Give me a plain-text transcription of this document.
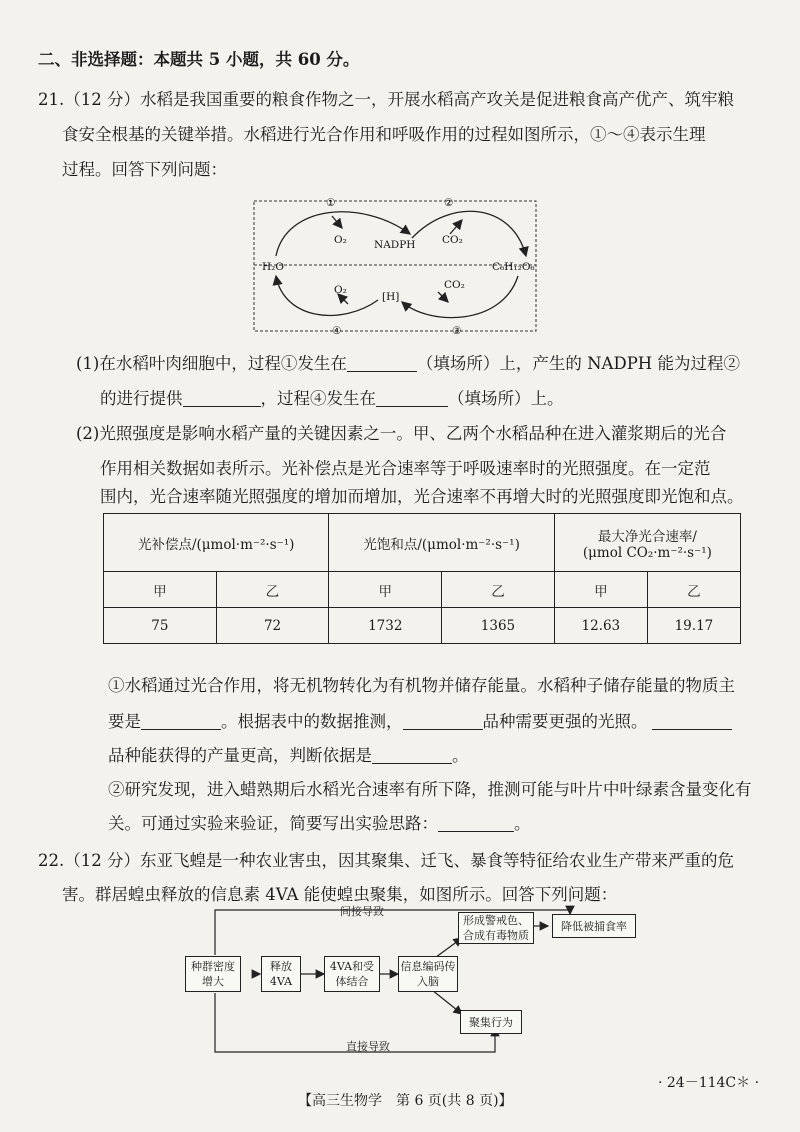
二、非选择题：本题共 5 小题，共 60 分。
21.（12 分）水稻是我国重要的粮食作物之一，开展水稻高产攻关是促进粮食高产优产、筑牢粮
食安全根基的关键举措。水稻进行光合作用和呼吸作用的过程如图所示，①～④表示生理
过程。回答下列问题：
①	②
③
④
O₂	NADPH	CO₂
H₂O	C₆H₁₂O₆
O₂
[H]
CO₂
(1)在水稻叶肉细胞中，过程①发生在	（填场所）上，产生的 NADPH 能为过程②
的进行提供	，过程④发生在	（填场所）上。
(2)光照强度是影响水稻产量的关键因素之一。甲、乙两个水稻品种在进入灌浆期后的光合
作用相关数据如表所示。光补偿点是光合速率等于呼吸速率时的光照强度。在一定范
围内，光合速率随光照强度的增加而增加，光合速率不再增大时的光照强度即光饱和点。
光补偿点/(μmol·m⁻²·s⁻¹)		光饱和点/(μmol·m⁻²·s⁻¹)		最大净光合速率/
(μmol CO₂·m⁻²·s⁻¹)	

甲	乙	甲	乙	甲	乙
75	72	1732	1365	12.63	19.17
①水稻通过光合作用，将无机物转化为有机物并储存能量。水稻种子储存能量的物质主
要是	。根据表中的数据推测，	品种需要更强的光照。
品种能获得的产量更高，判断依据是	。
②研究发现，进入蜡熟期后水稻光合速率有所下降，推测可能与叶片中叶绿素含量变化有
关。可通过实验来验证，简要写出实验思路：	。
22.（12 分）东亚飞蝗是一种农业害虫，因其聚集、迁飞、暴食等特征给农业生产带来严重的危
害。群居蝗虫释放的信息素 4VA 能使蝗虫聚集，如图所示。回答下列问题：
间接导致
直接导致
种群密度增大
释放4VA
4VA和受体结合
信息编码传入脑
形成警戒色、合成有毒物质
降低被捕食率
聚集行为
【高三生物学　第 6 页(共 8 页)】
· 24－114C＊ ·
